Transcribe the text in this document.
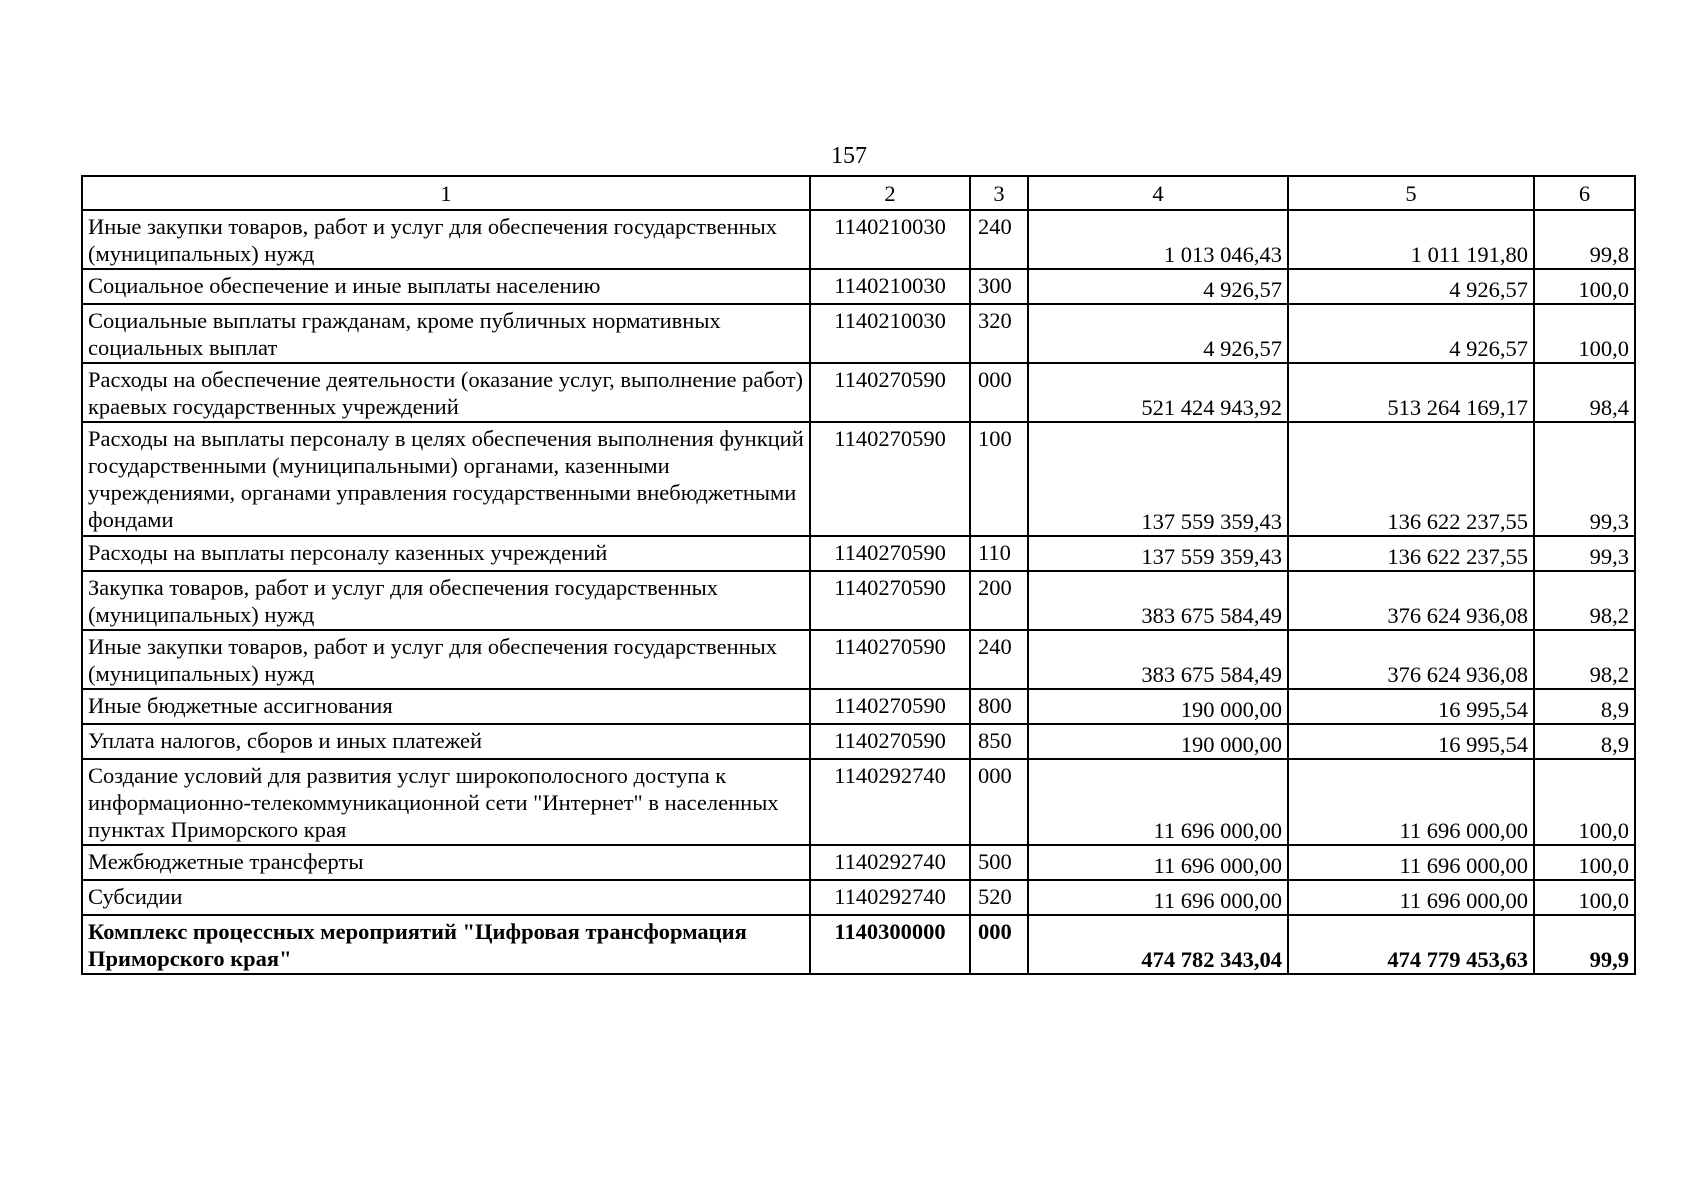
157
1	2	3	4	5	6
Иные закупки товаров, работ и услуг для обеспечения государственных (муниципальных) нужд	1140210030	240	1 013 046,43	1 011 191,80	99,8
Социальное обеспечение и иные выплаты населению	1140210030	300	4 926,57	4 926,57	100,0
Социальные выплаты гражданам, кроме публичных нормативных социальных выплат	1140210030	320	4 926,57	4 926,57	100,0
Расходы на обеспечение деятельности (оказание услуг, выполнение работ) краевых государственных учреждений	1140270590	000	521 424 943,92	513 264 169,17	98,4
Расходы на выплаты персоналу в целях обеспечения выполнения функций государственными (муниципальными) органами, казенными учреждениями, органами управления государственными внебюджетными фондами	1140270590	100	137 559 359,43	136 622 237,55	99,3
Расходы на выплаты персоналу казенных учреждений	1140270590	110	137 559 359,43	136 622 237,55	99,3
Закупка товаров, работ и услуг для обеспечения государственных (муниципальных) нужд	1140270590	200	383 675 584,49	376 624 936,08	98,2
Иные закупки товаров, работ и услуг для обеспечения государственных (муниципальных) нужд	1140270590	240	383 675 584,49	376 624 936,08	98,2
Иные бюджетные ассигнования	1140270590	800	190 000,00	16 995,54	8,9
Уплата налогов, сборов и иных платежей	1140270590	850	190 000,00	16 995,54	8,9
Создание условий для развития услуг широкополосного доступа к информационно-телекоммуникационной сети "Интернет" в населенных пунктах Приморского края	1140292740	000	11 696 000,00	11 696 000,00	100,0
Межбюджетные трансферты	1140292740	500	11 696 000,00	11 696 000,00	100,0
Субсидии	1140292740	520	11 696 000,00	11 696 000,00	100,0
Комплекс процессных мероприятий "Цифровая трансформация Приморского края"	1140300000	000	474 782 343,04	474 779 453,63	99,9
